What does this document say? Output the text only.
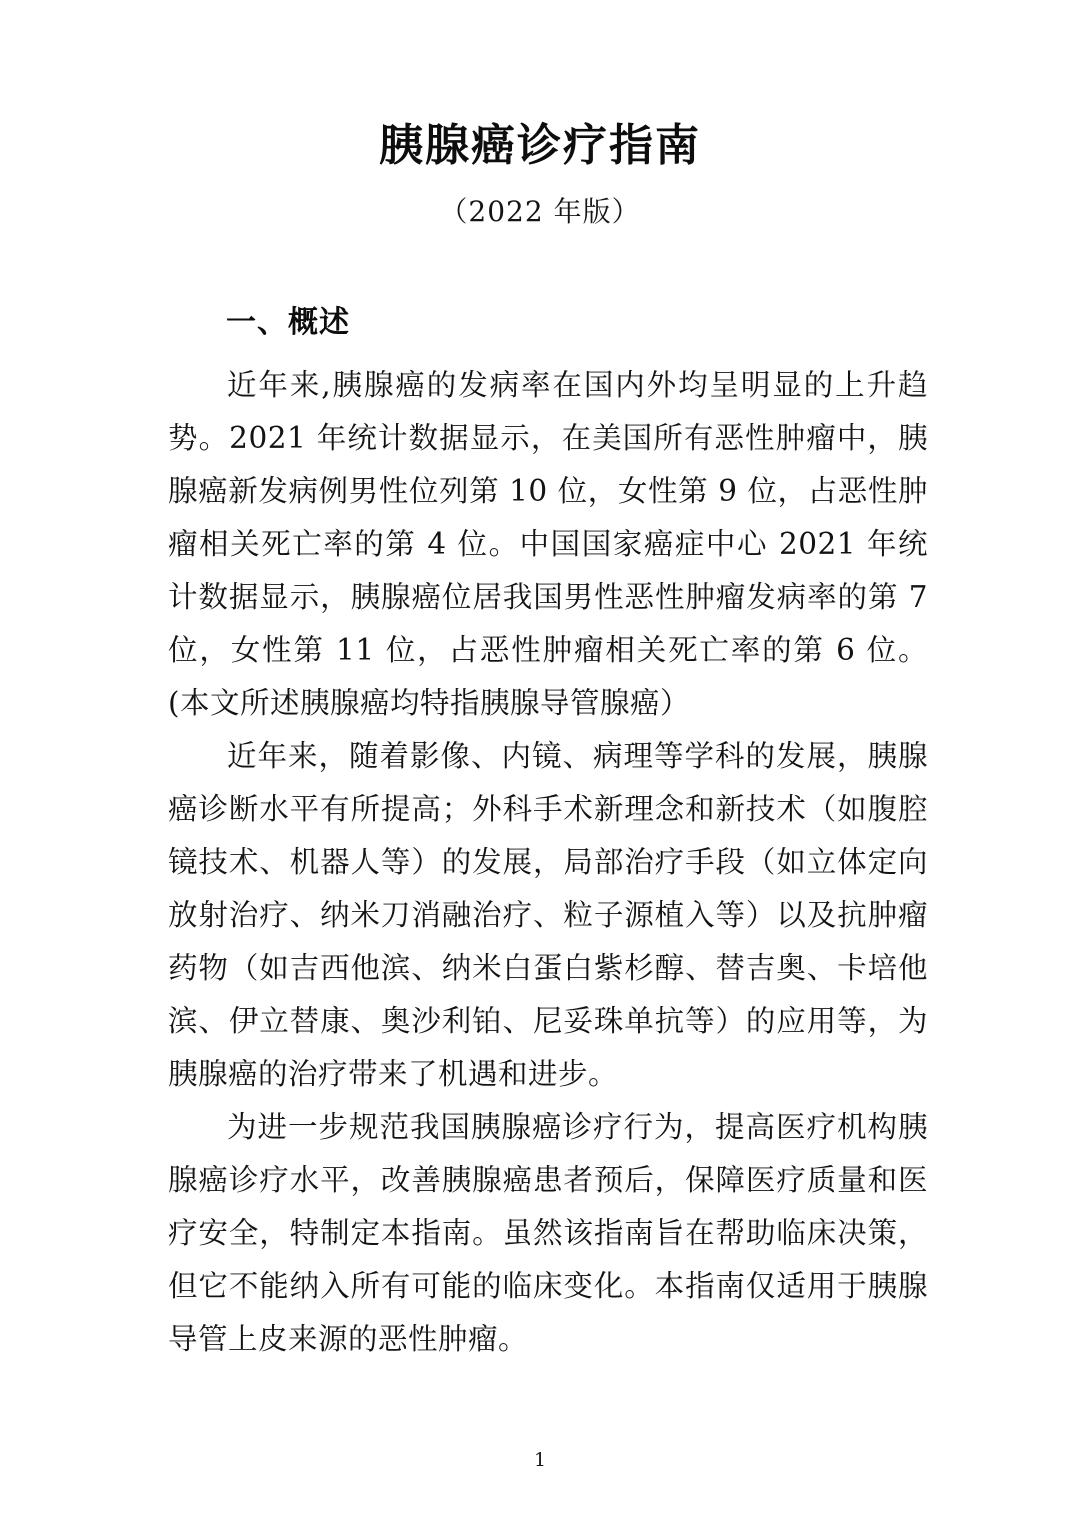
胰腺癌诊疗指南
（2022 年版）
一、概述

近年来,胰腺癌的发病率在国内外均呈明显的上升趋势。2021 年统计数据显示，在美国所有恶性肿瘤中，胰腺癌新发病例男性位列第 10 位，女性第 9 位，占恶性肿瘤相关死亡率的第 4 位。中国国家癌症中心 2021 年统计数据显示，胰腺癌位居我国男性恶性肿瘤发病率的第 7 位，女性第 11 位，占恶性肿瘤相关死亡率的第 6 位。(本文所述胰腺癌均特指胰腺导管腺癌）

近年来，随着影像、内镜、病理等学科的发展，胰腺癌诊断水平有所提高；外科手术新理念和新技术（如腹腔镜技术、机器人等）的发展，局部治疗手段（如立体定向放射治疗、纳米刀消融治疗、粒子源植入等）以及抗肿瘤药物（如吉西他滨、纳米白蛋白紫杉醇、替吉奥、卡培他滨、伊立替康、奥沙利铂、尼妥珠单抗等）的应用等，为胰腺癌的治疗带来了机遇和进步。

为进一步规范我国胰腺癌诊疗行为，提高医疗机构胰腺癌诊疗水平，改善胰腺癌患者预后，保障医疗质量和医疗安全，特制定本指南。虽然该指南旨在帮助临床决策，但它不能纳入所有可能的临床变化。本指南仅适用于胰腺导管上皮来源的恶性肿瘤。

1
